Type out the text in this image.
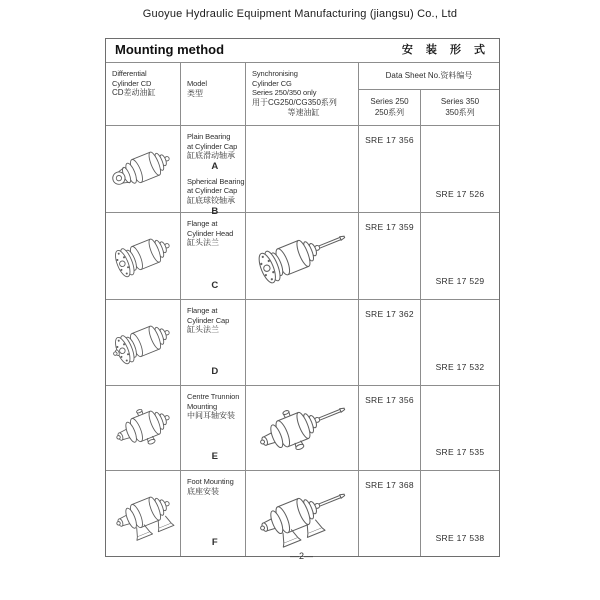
Guoyue Hydraulic Equipment Manufacturing (jiangsu) Co., Ltd
Mounting method	安 装 形 式
Differential
Cylinder CD
CD差动油缸
Model
类型
Synchronising
Cylinder CG
Series 250/350 only
用于CG250/CG350系列
等速油缸
Data Sheet No.资料编号
Series 250
250系列
Series 350
350系列
Plain Bearing
at Cylinder Cap
缸底滑动轴承
A
Spherical Bearing
at Cylinder Cap
缸底球铰轴承
B
SRE 17 356
SRE 17 526
Flange at
Cylinder Head
缸头法兰
C
SRE 17 359
SRE 17 529
Flange at
Cylinder Cap
缸头法兰
D
SRE 17 362
SRE 17 532
Centre Trunnion
Mounting
中间耳轴安装
E
SRE 17 356
SRE 17 535
Foot Mounting
底座安装
F
SRE 17 368
SRE 17 538
—2—
